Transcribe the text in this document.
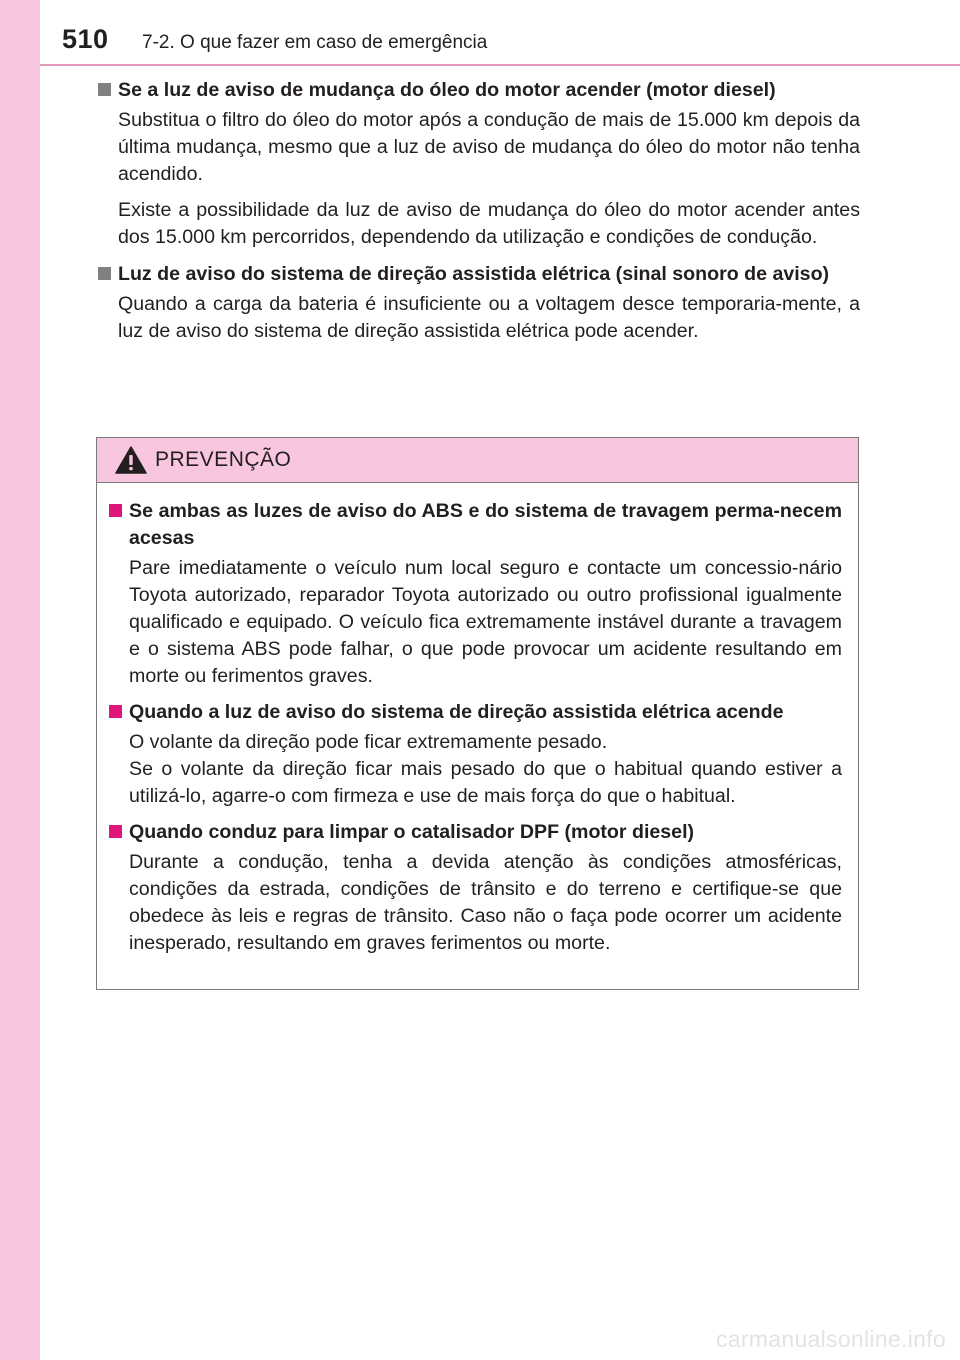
510 7-2. O que fazer em caso de emergência
Se a luz de aviso de mudança do óleo do motor acender (motor diesel)
Substitua o filtro do óleo do motor após a condução de mais de 15.000 km depois da última mudança, mesmo que a luz de aviso de mudança do óleo do motor não tenha acendido.
Existe a possibilidade da luz de aviso de mudança do óleo do motor acender antes dos 15.000 km percorridos, dependendo da utilização e condições de condução.
Luz de aviso do sistema de direção assistida elétrica (sinal sonoro de aviso)
Quando a carga da bateria é insuficiente ou a voltagem desce temporaria-mente, a luz de aviso do sistema de direção assistida elétrica pode acender.
PREVENÇÃO
Se ambas as luzes de aviso do ABS e do sistema de travagem perma-necem acesas
Pare imediatamente o veículo num local seguro e contacte um concessio-nário Toyota autorizado, reparador Toyota autorizado ou outro profissional igualmente qualificado e equipado. O veículo fica extremamente instável durante a travagem e o sistema ABS pode falhar, o que pode provocar um acidente resultando em morte ou ferimentos graves.
Quando a luz de aviso do sistema de direção assistida elétrica acende
O volante da direção pode ficar extremamente pesado.
Se o volante da direção ficar mais pesado do que o habitual quando estiver a utilizá-lo, agarre-o com firmeza e use de mais força do que o habitual.
Quando conduz para limpar o catalisador DPF (motor diesel)
Durante a condução, tenha a devida atenção às condições atmosféricas, condições da estrada, condições de trânsito e do terreno e certifique-se que obedece às leis e regras de trânsito. Caso não o faça pode ocorrer um acidente inesperado, resultando em graves ferimentos ou morte.
carmanualsonline.info
